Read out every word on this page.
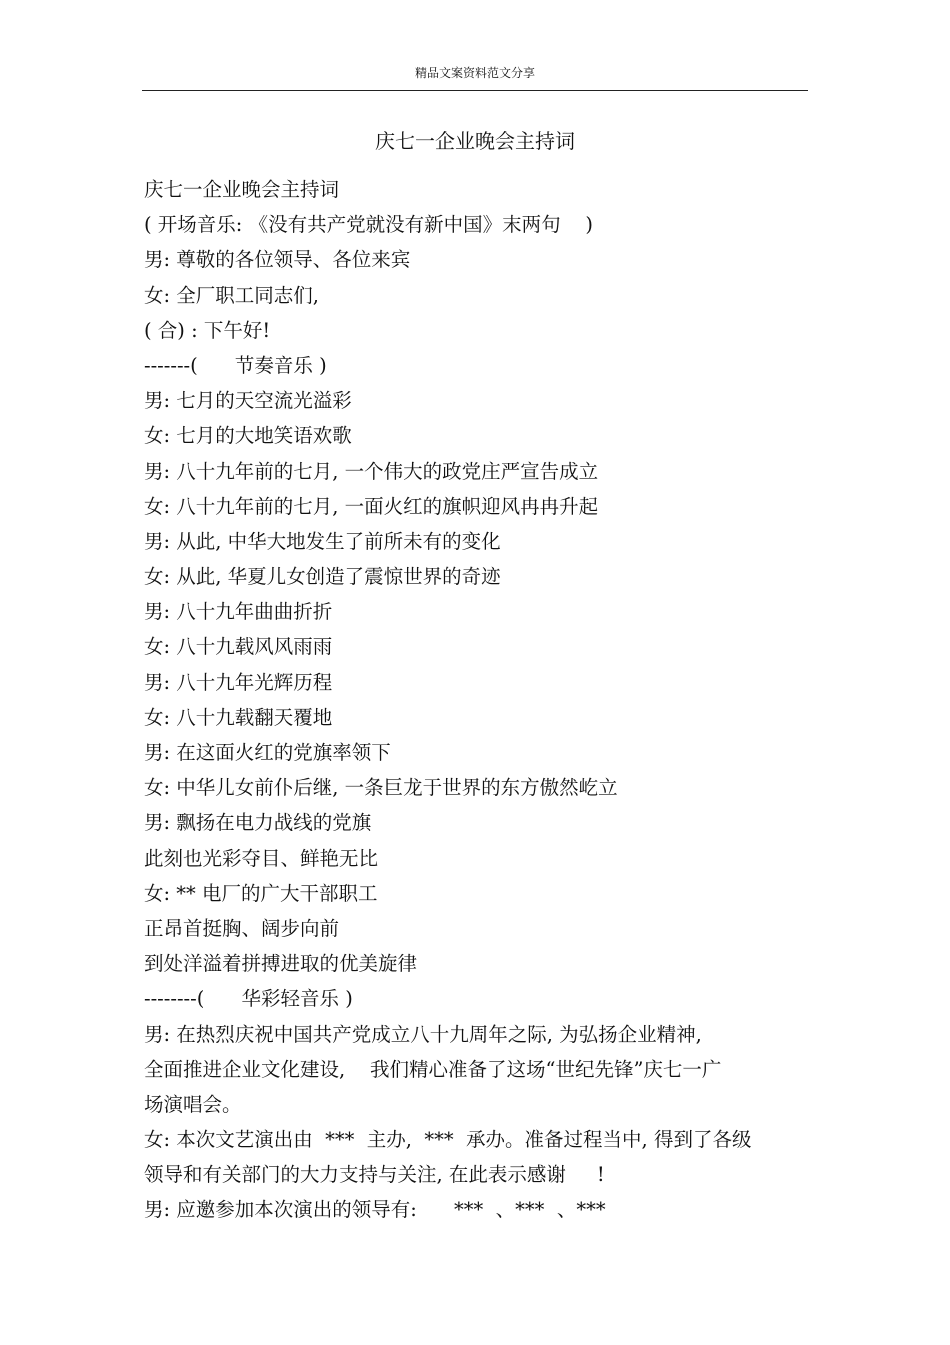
精品文案资料范文分享
庆七一企业晚会主持词
庆七一企业晚会主持词
( 开场音乐: 《没有共产党就没有新中国》末两句    )
男: 尊敬的各位领导、各位来宾
女: 全厂职工同志们,
( 合) : 下午好!
-------(      节奏音乐 )
男: 七月的天空流光溢彩
女: 七月的大地笑语欢歌
男: 八十九年前的七月, 一个伟大的政党庄严宣告成立
女: 八十九年前的七月, 一面火红的旗帜迎风冉冉升起
男: 从此, 中华大地发生了前所未有的变化
女: 从此, 华夏儿女创造了震惊世界的奇迹
男: 八十九年曲曲折折
女: 八十九载风风雨雨
男: 八十九年光辉历程
女: 八十九载翻天覆地
男: 在这面火红的党旗率领下
女: 中华儿女前仆后继, 一条巨龙于世界的东方傲然屹立
男: 飘扬在电力战线的党旗
此刻也光彩夺目、鲜艳无比
女: ** 电厂的广大干部职工
正昂首挺胸、阔步向前
到处洋溢着拼搏进取的优美旋律
--------(      华彩轻音乐 )
男: 在热烈庆祝中国共产党成立八十九周年之际, 为弘扬企业精神,
全面推进企业文化建设,    我们精心准备了这场“世纪先锋”庆七一广
场演唱会。
女: 本次文艺演出由  ***  主办,  ***  承办。准备过程当中, 得到了各级
领导和有关部门的大力支持与关注, 在此表示感谢     !
男: 应邀参加本次演出的领导有:      ***  、***  、***
